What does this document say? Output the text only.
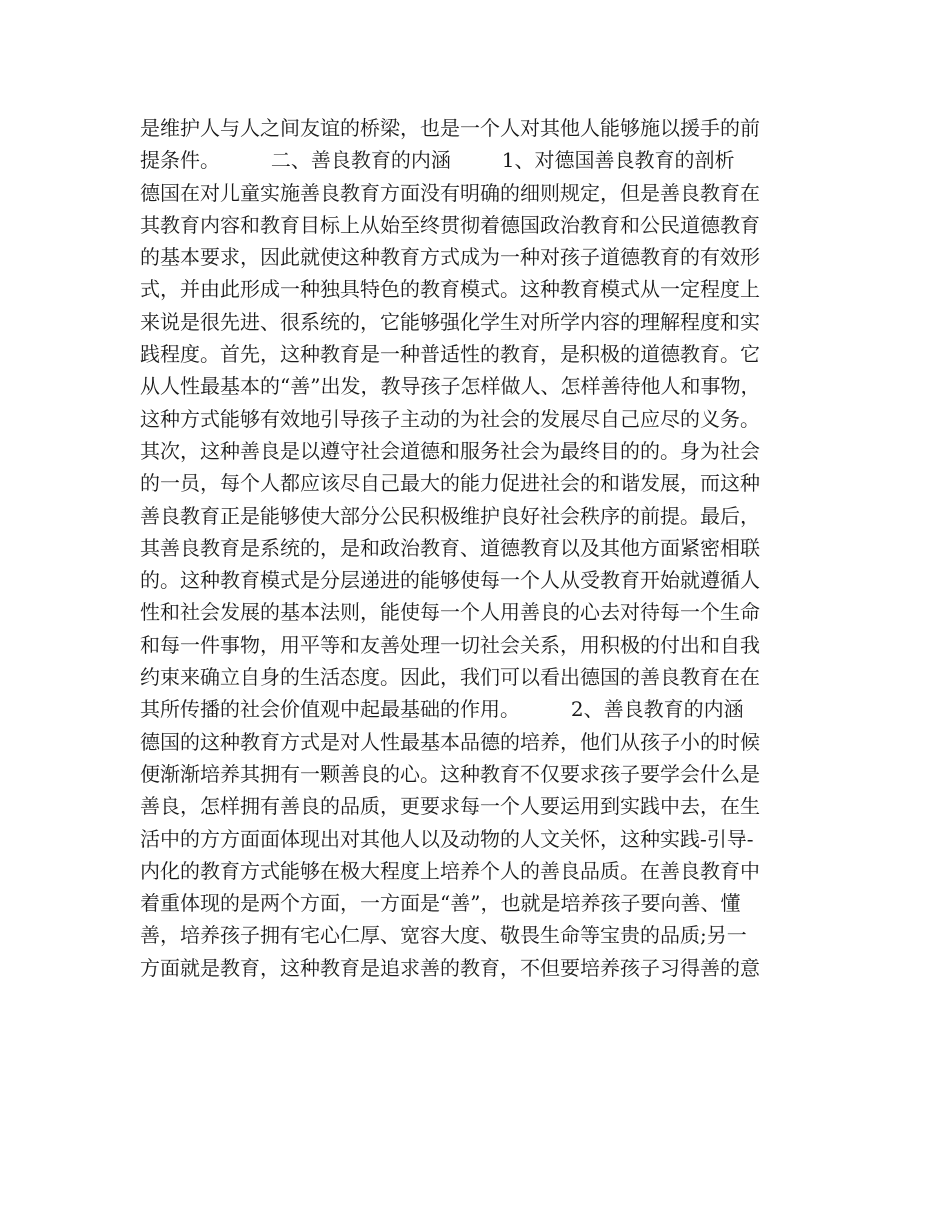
是维护人与人之间友谊的桥梁，也是一个人对其他人能够施以援手的前
提条件。        二、善良教育的内涵        1、对德国善良教育的剖析
德国在对儿童实施善良教育方面没有明确的细则规定，但是善良教育在
其教育内容和教育目标上从始至终贯彻着德国政治教育和公民道德教育
的基本要求，因此就使这种教育方式成为一种对孩子道德教育的有效形
式，并由此形成一种独具特色的教育模式。这种教育模式从一定程度上
来说是很先进、很系统的，它能够强化学生对所学内容的理解程度和实
践程度。首先，这种教育是一种普适性的教育，是积极的道德教育。它
从人性最基本的“善”出发，教导孩子怎样做人、怎样善待他人和事物，
这种方式能够有效地引导孩子主动的为社会的发展尽自己应尽的义务。
其次，这种善良是以遵守社会道德和服务社会为最终目的的。身为社会
的一员，每个人都应该尽自己最大的能力促进社会的和谐发展，而这种
善良教育正是能够使大部分公民积极维护良好社会秩序的前提。最后，
其善良教育是系统的，是和政治教育、道德教育以及其他方面紧密相联
的。这种教育模式是分层递进的能够使每一个人从受教育开始就遵循人
性和社会发展的基本法则，能使每一个人用善良的心去对待每一个生命
和每一件事物，用平等和友善处理一切社会关系，用积极的付出和自我
约束来确立自身的生活态度。因此，我们可以看出德国的善良教育在在
其所传播的社会价值观中起最基础的作用。        2、善良教育的内涵
德国的这种教育方式是对人性最基本品德的培养，他们从孩子小的时候
便渐渐培养其拥有一颗善良的心。这种教育不仅要求孩子要学会什么是
善良，怎样拥有善良的品质，更要求每一个人要运用到实践中去，在生
活中的方方面面体现出对其他人以及动物的人文关怀，这种实践-引导-
内化的教育方式能够在极大程度上培养个人的善良品质。在善良教育中
着重体现的是两个方面，一方面是“善”，也就是培养孩子要向善、懂
善，培养孩子拥有宅心仁厚、宽容大度、敬畏生命等宝贵的品质;另一
方面就是教育，这种教育是追求善的教育，不但要培养孩子习得善的意
